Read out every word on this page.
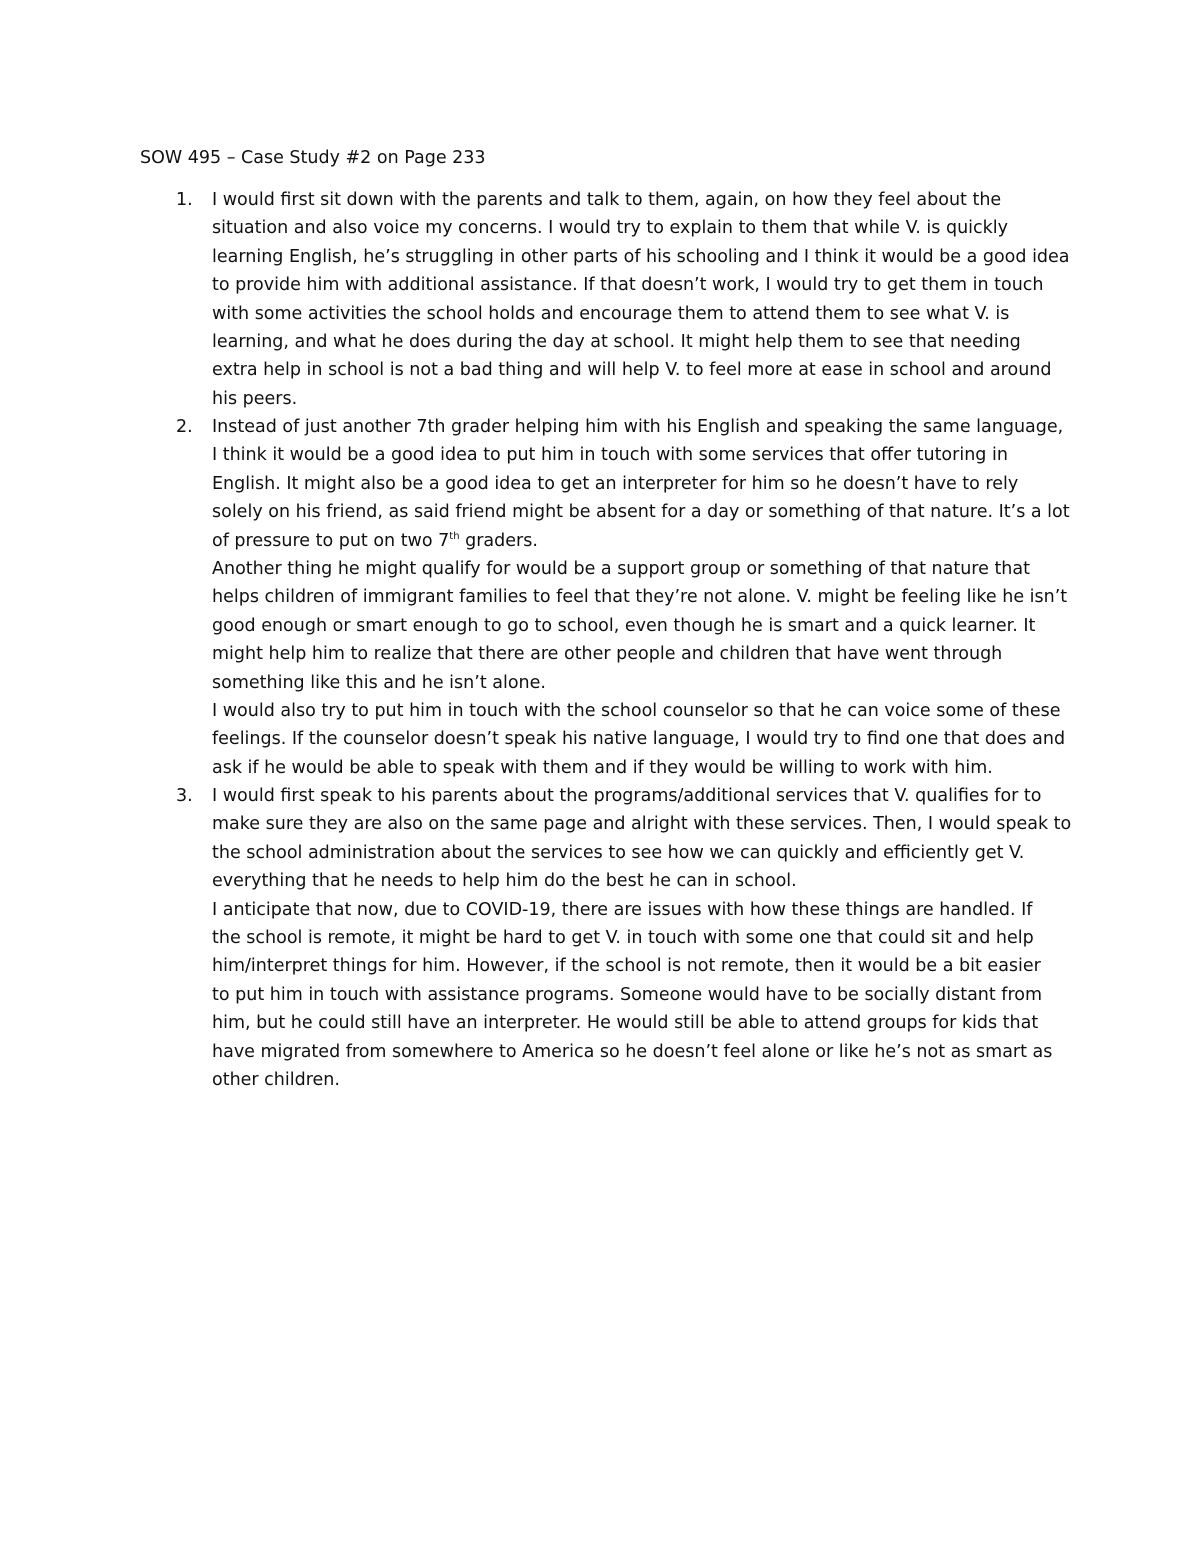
SOW 495 – Case Study #2 on Page 233
1. I would first sit down with the parents and talk to them, again, on how they feel about the
situation and also voice my concerns. I would try to explain to them that while V. is quickly
learning English, he’s struggling in other parts of his schooling and I think it would be a good idea
to provide him with additional assistance. If that doesn’t work, I would try to get them in touch
with some activities the school holds and encourage them to attend them to see what V. is
learning, and what he does during the day at school. It might help them to see that needing
extra help in school is not a bad thing and will help V. to feel more at ease in school and around
his peers.
2. Instead of just another 7th grader helping him with his English and speaking the same language,
I think it would be a good idea to put him in touch with some services that offer tutoring in
English. It might also be a good idea to get an interpreter for him so he doesn’t have to rely
solely on his friend, as said friend might be absent for a day or something of that nature. It’s a lot
of pressure to put on two 7th graders.
Another thing he might qualify for would be a support group or something of that nature that
helps children of immigrant families to feel that they’re not alone. V. might be feeling like he isn’t
good enough or smart enough to go to school, even though he is smart and a quick learner. It
might help him to realize that there are other people and children that have went through
something like this and he isn’t alone.
I would also try to put him in touch with the school counselor so that he can voice some of these
feelings. If the counselor doesn’t speak his native language, I would try to find one that does and
ask if he would be able to speak with them and if they would be willing to work with him.
3. I would first speak to his parents about the programs/additional services that V. qualifies for to
make sure they are also on the same page and alright with these services. Then, I would speak to
the school administration about the services to see how we can quickly and efficiently get V.
everything that he needs to help him do the best he can in school.
I anticipate that now, due to COVID-19, there are issues with how these things are handled. If
the school is remote, it might be hard to get V. in touch with some one that could sit and help
him/interpret things for him. However, if the school is not remote, then it would be a bit easier
to put him in touch with assistance programs. Someone would have to be socially distant from
him, but he could still have an interpreter. He would still be able to attend groups for kids that
have migrated from somewhere to America so he doesn’t feel alone or like he’s not as smart as
other children.
